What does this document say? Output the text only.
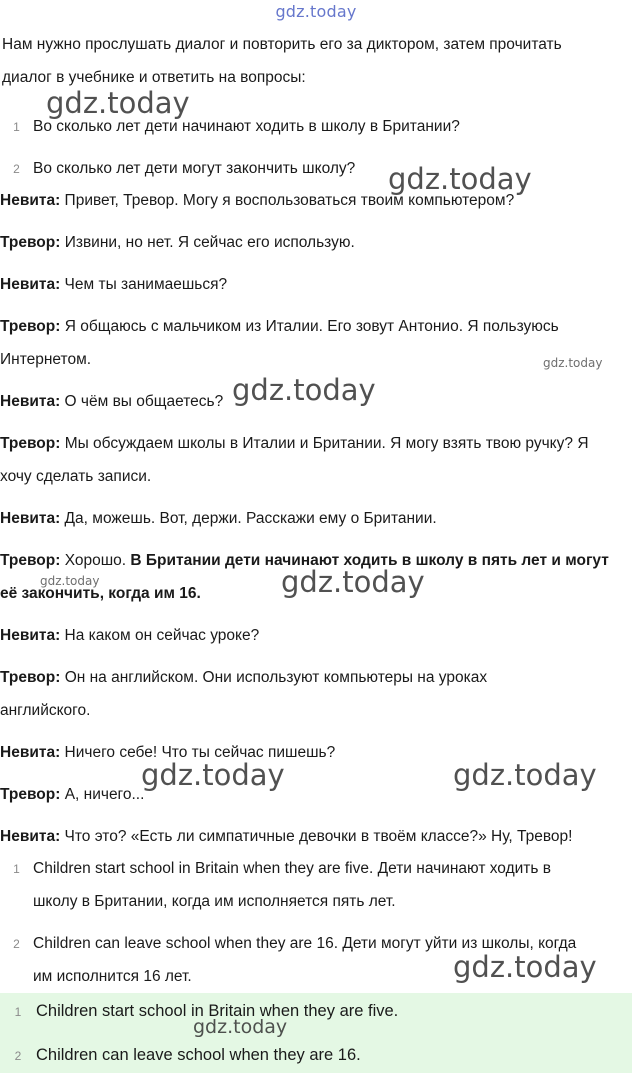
gdz.today
Нам нужно прослушать диалог и повторить его за диктором, затем прочитать
диалог в учебнике и ответить на вопросы:
1 Во сколько лет дети начинают ходить в школу в Британии?
2 Во сколько лет дети могут закончить школу?
Невита: Привет, Тревор. Могу я воспользоваться твоим компьютером?
Тревор: Извини, но нет. Я сейчас его использую.
Невита: Чем ты занимаешься?
Тревор: Я общаюсь с мальчиком из Италии. Его зовут Антонио. Я пользуюсь
Интернетом.
Невита: О чём вы общаетесь?
Тревор: Мы обсуждаем школы в Италии и Британии. Я могу взять твою ручку? Я
хочу сделать записи.
Невита: Да, можешь. Вот, держи. Расскажи ему о Британии.
Тревор: Хорошо. В Британии дети начинают ходить в школу в пять лет и могут
её закончить, когда им 16.
Невита: На каком он сейчас уроке?
Тревор: Он на английском. Они используют компьютеры на уроках
английского.
Невита: Ничего себе! Что ты сейчас пишешь?
Тревор: А, ничего...
Невита: Что это? «Есть ли симпатичные девочки в твоём классе?» Ну, Тревор!
1 Children start school in Britain when they are five. Дети начинают ходить в
школу в Британии, когда им исполняется пять лет.
2 Children can leave school when they are 16. Дети могут уйти из школы, когда
им исполнится 16 лет.
1 Children start school in Britain when they are five.
2 Children can leave school when they are 16.
gdz.today
gdz.today
gdz.today
gdz.today
gdz.today	gdz.today
gdz.today	gdz.today
gdz.today
gdz.today
